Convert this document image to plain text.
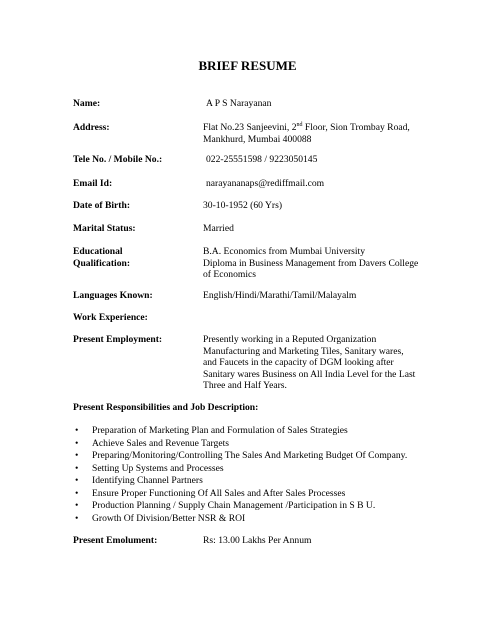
BRIEF RESUME
Name:	A P S Narayanan
Address:	Flat No.23 Sanjeevini, 2nd Floor, Sion Trombay Road,
Mankhurd, Mumbai 400088
Tele No. / Mobile No.:	022-25551598 / 9223050145
Email Id:	narayananaps@rediffmail.com
Date of Birth:	30-10-1952 (60 Yrs)
Marital Status:	Married
Educational
Qualification:
B.A. Economics from Mumbai University
Diploma in Business Management from Davers College
of Economics
Languages Known:	English/Hindi/Marathi/Tamil/Malayalm
Work Experience:
Present Employment:	Presently working in a Reputed Organization
Manufacturing and Marketing Tiles, Sanitary wares,
and Faucets in the capacity of DGM looking after
Sanitary wares Business on All India Level for the Last
Three and Half Years.
Present Responsibilities and Job Description:
• Preparation of Marketing Plan and Formulation of Sales Strategies
• Achieve Sales and Revenue Targets
• Preparing/Monitoring/Controlling The Sales And Marketing Budget Of Company.
• Setting Up Systems and Processes
• Identifying Channel Partners
• Ensure Proper Functioning Of All Sales and After Sales Processes
• Production Planning / Supply Chain Management /Participation in S B U.
• Growth Of Division/Better NSR & ROI
Present Emolument:	Rs: 13.00 Lakhs Per Annum
